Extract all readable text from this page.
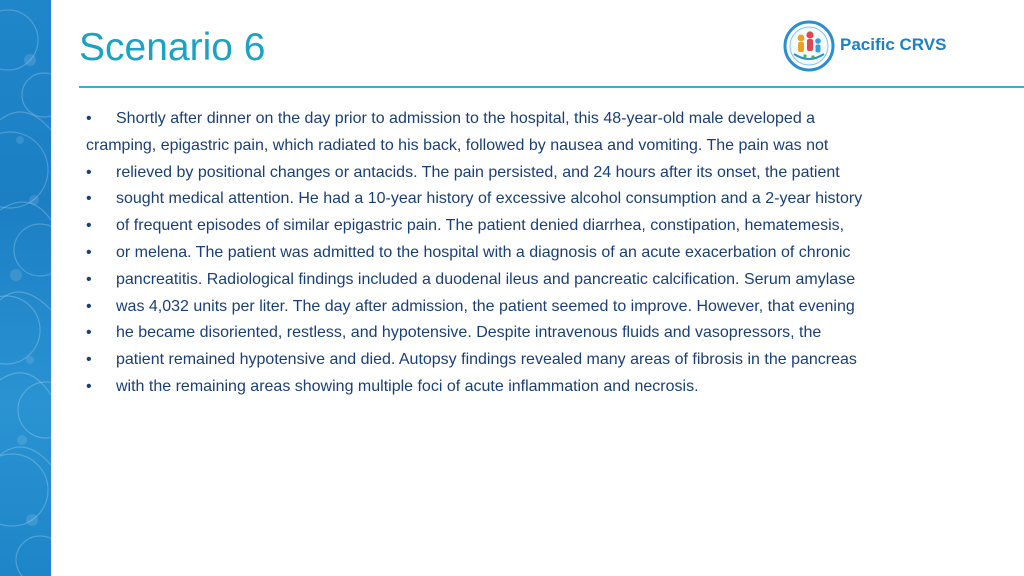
Scenario 6	Pacific CRVS
• Shortly after dinner on the day prior to admission to the hospital, this 48-year-old male developed a
cramping, epigastric pain, which radiated to his back, followed by nausea and vomiting. The pain was not
• relieved by positional changes or antacids. The pain persisted, and 24 hours after its onset, the patient
• sought medical attention. He had a 10-year history of excessive alcohol consumption and a 2-year history
• of frequent episodes of similar epigastric pain. The patient denied diarrhea, constipation, hematemesis,
• or melena. The patient was admitted to the hospital with a diagnosis of an acute exacerbation of chronic
• pancreatitis. Radiological findings included a duodenal ileus and pancreatic calcification. Serum amylase
• was 4,032 units per liter. The day after admission, the patient seemed to improve. However, that evening
• he became disoriented, restless, and hypotensive. Despite intravenous fluids and vasopressors, the
• patient remained hypotensive and died. Autopsy findings revealed many areas of fibrosis in the pancreas
• with the remaining areas showing multiple foci of acute inflammation and necrosis.
